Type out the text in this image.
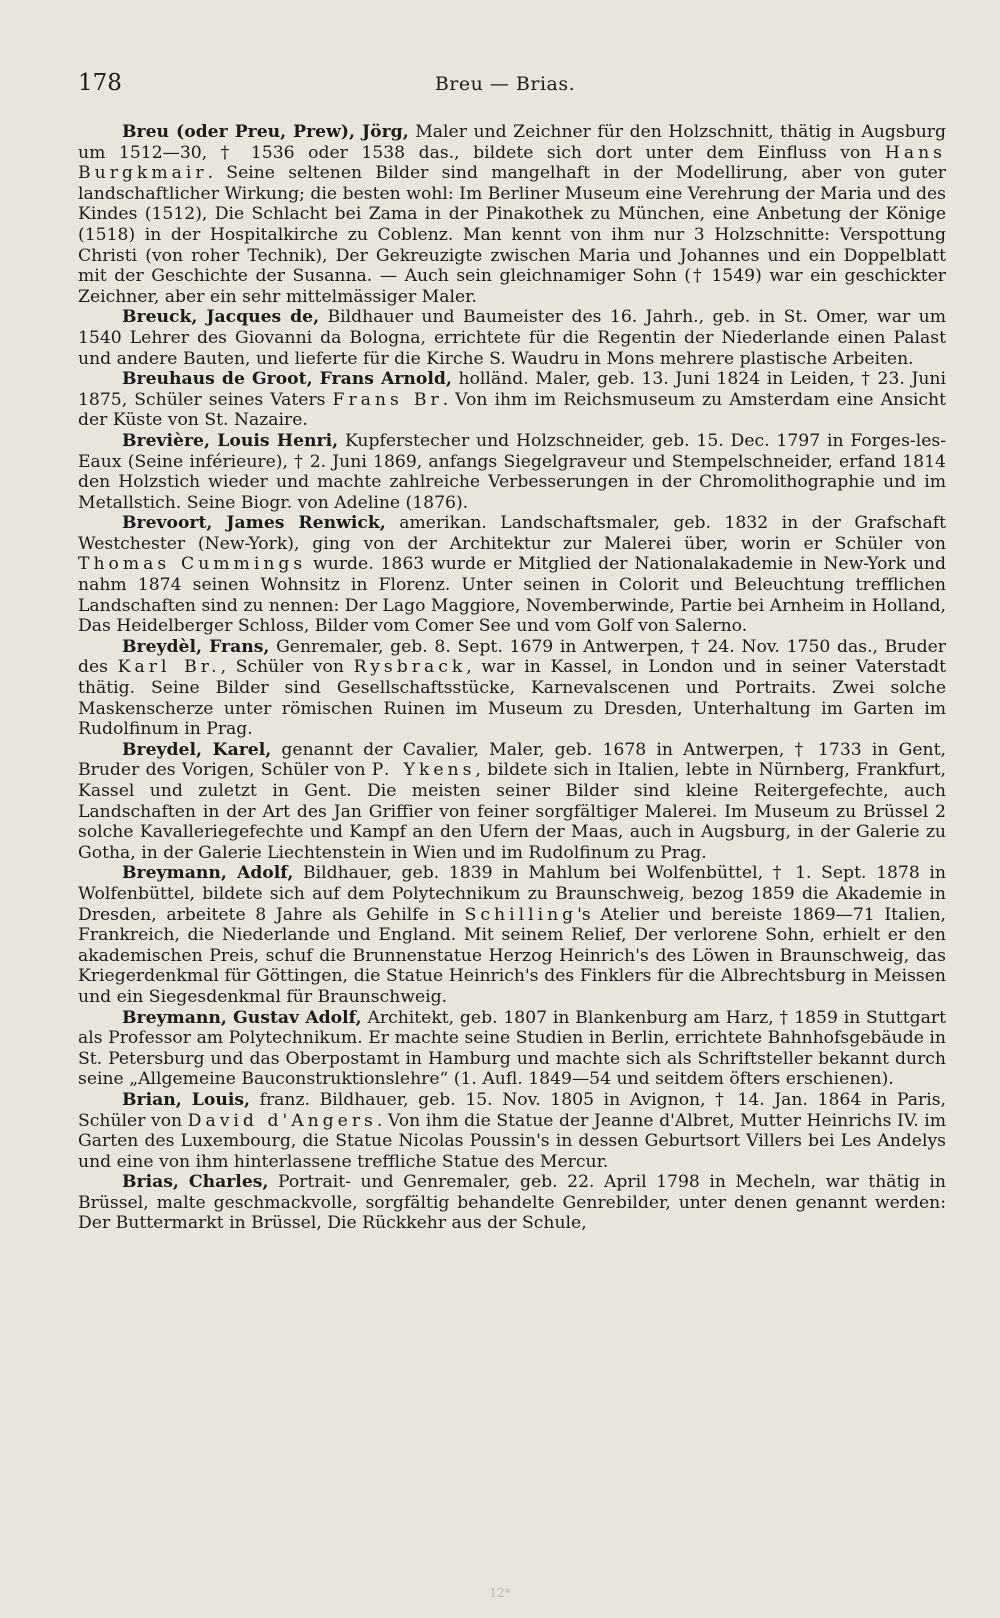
178	Breu — Brias.

Breu (oder Preu, Prew), Jörg, Maler und Zeichner für den Holzschnitt, thätig in Augsburg um 1512—30, † 1536 oder 1538 das., bildete sich dort unter dem Einfluss von Hans Burgkmair. Seine seltenen Bilder sind mangelhaft in der Modellirung, aber von guter landschaftlicher Wirkung; die besten wohl: Im Berliner Museum eine Verehrung der Maria und des Kindes (1512), Die Schlacht bei Zama in der Pinakothek zu München, eine Anbetung der Könige (1518) in der Hospitalkirche zu Coblenz. Man kennt von ihm nur 3 Holzschnitte: Verspottung Christi (von roher Technik), Der Gekreuzigte zwischen Maria und Johannes und ein Doppelblatt mit der Geschichte der Susanna. — Auch sein gleichnamiger Sohn († 1549) war ein geschickter Zeichner, aber ein sehr mittelmässiger Maler.

Breuck, Jacques de, Bildhauer und Baumeister des 16. Jahrh., geb. in St. Omer, war um 1540 Lehrer des Giovanni da Bologna, errichtete für die Regentin der Niederlande einen Palast und andere Bauten, und lieferte für die Kirche S. Waudru in Mons mehrere plastische Arbeiten.

Breuhaus de Groot, Frans Arnold, holländ. Maler, geb. 13. Juni 1824 in Leiden, † 23. Juni 1875, Schüler seines Vaters Frans Br. Von ihm im Reichsmuseum zu Amsterdam eine Ansicht der Küste von St. Nazaire.

Brevière, Louis Henri, Kupferstecher und Holzschneider, geb. 15. Dec. 1797 in Forges-les-Eaux (Seine inférieure), † 2. Juni 1869, anfangs Siegelgraveur und Stempelschneider, erfand 1814 den Holzstich wieder und machte zahlreiche Verbesserungen in der Chromolithographie und im Metallstich. Seine Biogr. von Adeline (1876).

Brevoort, James Renwick, amerikan. Landschaftsmaler, geb. 1832 in der Grafschaft Westchester (New-York), ging von der Architektur zur Malerei über, worin er Schüler von Thomas Cummings wurde. 1863 wurde er Mitglied der Nationalakademie in New-York und nahm 1874 seinen Wohnsitz in Florenz. Unter seinen in Colorit und Beleuchtung trefflichen Landschaften sind zu nennen: Der Lago Maggiore, Novemberwinde, Partie bei Arnheim in Holland, Das Heidelberger Schloss, Bilder vom Comer See und vom Golf von Salerno.

Breydèl, Frans, Genremaler, geb. 8. Sept. 1679 in Antwerpen, † 24. Nov. 1750 das., Bruder des Karl Br., Schüler von Rysbrack, war in Kassel, in London und in seiner Vaterstadt thätig. Seine Bilder sind Gesellschaftsstücke, Karnevalscenen und Portraits. Zwei solche Maskenscherze unter römischen Ruinen im Museum zu Dresden, Unterhaltung im Garten im Rudolfinum in Prag.

Breydel, Karel, genannt der Cavalier, Maler, geb. 1678 in Antwerpen, † 1733 in Gent, Bruder des Vorigen, Schüler von P. Ykens, bildete sich in Italien, lebte in Nürnberg, Frankfurt, Kassel und zuletzt in Gent. Die meisten seiner Bilder sind kleine Reitergefechte, auch Landschaften in der Art des Jan Griffier von feiner sorgfältiger Malerei. Im Museum zu Brüssel 2 solche Kavalleriegefechte und Kampf an den Ufern der Maas, auch in Augsburg, in der Galerie zu Gotha, in der Galerie Liechtenstein in Wien und im Rudolfinum zu Prag.

Breymann, Adolf, Bildhauer, geb. 1839 in Mahlum bei Wolfenbüttel, † 1. Sept. 1878 in Wolfenbüttel, bildete sich auf dem Polytechnikum zu Braunschweig, bezog 1859 die Akademie in Dresden, arbeitete 8 Jahre als Gehilfe in Schilling's Atelier und bereiste 1869—71 Italien, Frankreich, die Niederlande und England. Mit seinem Relief, Der verlorene Sohn, erhielt er den akademischen Preis, schuf die Brunnenstatue Herzog Heinrich's des Löwen in Braunschweig, das Kriegerdenkmal für Göttingen, die Statue Heinrich's des Finklers für die Albrechtsburg in Meissen und ein Siegesdenkmal für Braunschweig.

Breymann, Gustav Adolf, Architekt, geb. 1807 in Blankenburg am Harz, † 1859 in Stuttgart als Professor am Polytechnikum. Er machte seine Studien in Berlin, errichtete Bahnhofsgebäude in St. Petersburg und das Oberpostamt in Hamburg und machte sich als Schriftsteller bekannt durch seine „Allgemeine Bauconstruktionslehre“ (1. Aufl. 1849—54 und seitdem öfters erschienen).

Brian, Louis, franz. Bildhauer, geb. 15. Nov. 1805 in Avignon, † 14. Jan. 1864 in Paris, Schüler von David d'Angers. Von ihm die Statue der Jeanne d'Albret, Mutter Heinrichs IV. im Garten des Luxembourg, die Statue Nicolas Poussin's in dessen Geburtsort Villers bei Les Andelys und eine von ihm hinterlassene treffliche Statue des Mercur.

Brias, Charles, Portrait- und Genremaler, geb. 22. April 1798 in Mecheln, war thätig in Brüssel, malte geschmackvolle, sorgfältig behandelte Genrebilder, unter denen genannt werden: Der Buttermarkt in Brüssel, Die Rückkehr aus der Schule,

12*
